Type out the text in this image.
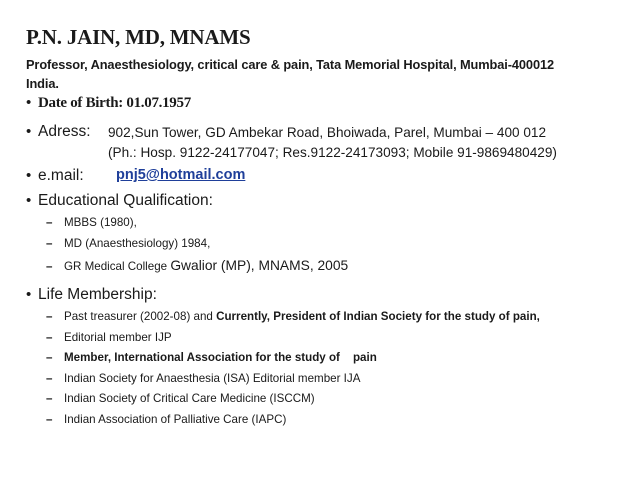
P.N. JAIN, MD, MNAMS
Professor, Anaesthesiology, critical care & pain, Tata Memorial Hospital, Mumbai-400012
India.
• Date of Birth: 01.07.1957
• Adress: 902,Sun Tower, GD Ambekar Road, Bhoiwada, Parel, Mumbai – 400 012
(Ph.: Hosp. 9122-24177047; Res.9122-24173093; Mobile 91-9869480429)
• e.mail: pnj5@hotmail.com
• Educational Qualification:
– MBBS (1980),
– MD (Anaesthesiology) 1984,
– GR Medical College Gwalior (MP), MNAMS, 2005
• Life Membership:
– Past treasurer (2002-08) and Currently, President of Indian Society for the study of pain,
– Editorial member IJP
– Member, International Association for the study of pain
– Indian Society for Anaesthesia (ISA) Editorial member IJA
– Indian Society of Critical Care Medicine (ISCCM)
– Indian Association of Palliative Care (IAPC)
